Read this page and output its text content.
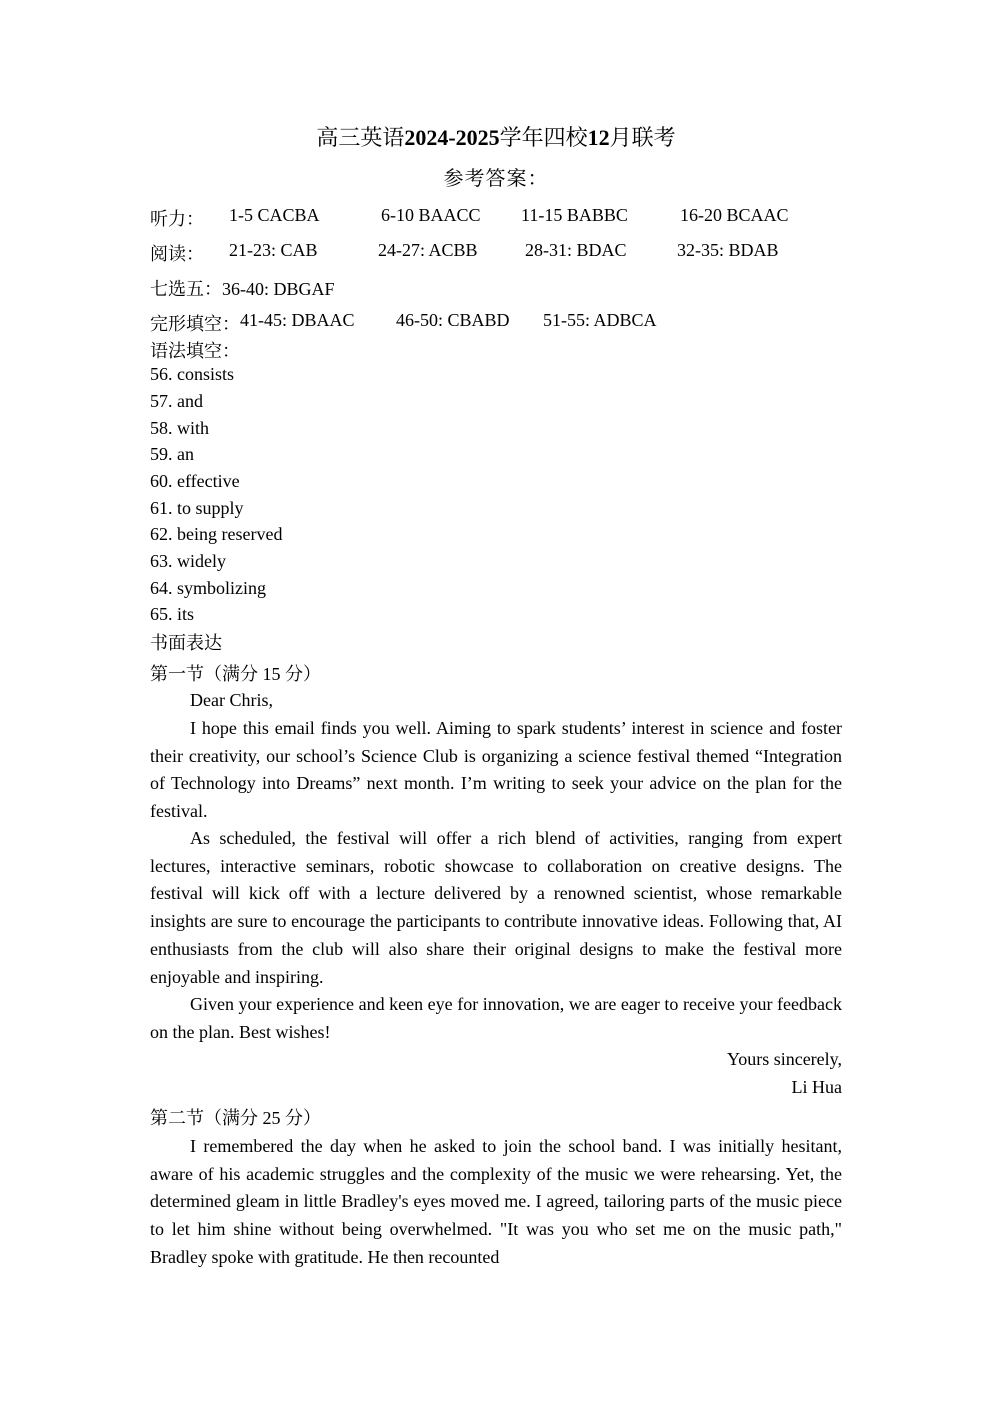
高三英语2024-2025学年四校12月联考
参考答案：
听力： 1-5 CACBA	6-10 BAACC 11-15 BABBC	16-20 BCAAC
阅读： 21-23: CAB	24-27: ACBB	28-31: BDAC	32-35: BDAB
七选五：36-40: DBGAF
完形填空： 41-45: DBAAC 46-50: CBABD 51-55: ADBCA
语法填空：
56. consists
57. and
58. with
59. an
60. effective
61. to supply
62. being reserved
63. widely
64. symbolizing
65. its
书面表达
第一节（满分 15 分）
Dear Chris,
I hope this email finds you well. Aiming to spark students’ interest in science and foster their creativity, our school’s Science Club is organizing a science festival themed “Integration of Technology into Dreams” next month. I’m writing to seek your advice on the plan for the festival.
As scheduled, the festival will offer a rich blend of activities, ranging from expert lectures, interactive seminars, robotic showcase to collaboration on creative designs. The festival will kick off with a lecture delivered by a renowned scientist, whose remarkable insights are sure to encourage the participants to contribute innovative ideas. Following that, AI enthusiasts from the club will also share their original designs to make the festival more enjoyable and inspiring.
Given your experience and keen eye for innovation, we are eager to receive your feedback on the plan. Best wishes!
Yours sincerely,
Li Hua
第二节（满分 25 分）
I remembered the day when he asked to join the school band. I was initially hesitant, aware of his academic struggles and the complexity of the music we were rehearsing. Yet, the determined gleam in little Bradley's eyes moved me. I agreed, tailoring parts of the music piece to let him shine without being overwhelmed. "It was you who set me on the music path," Bradley spoke with gratitude. He then recounted
